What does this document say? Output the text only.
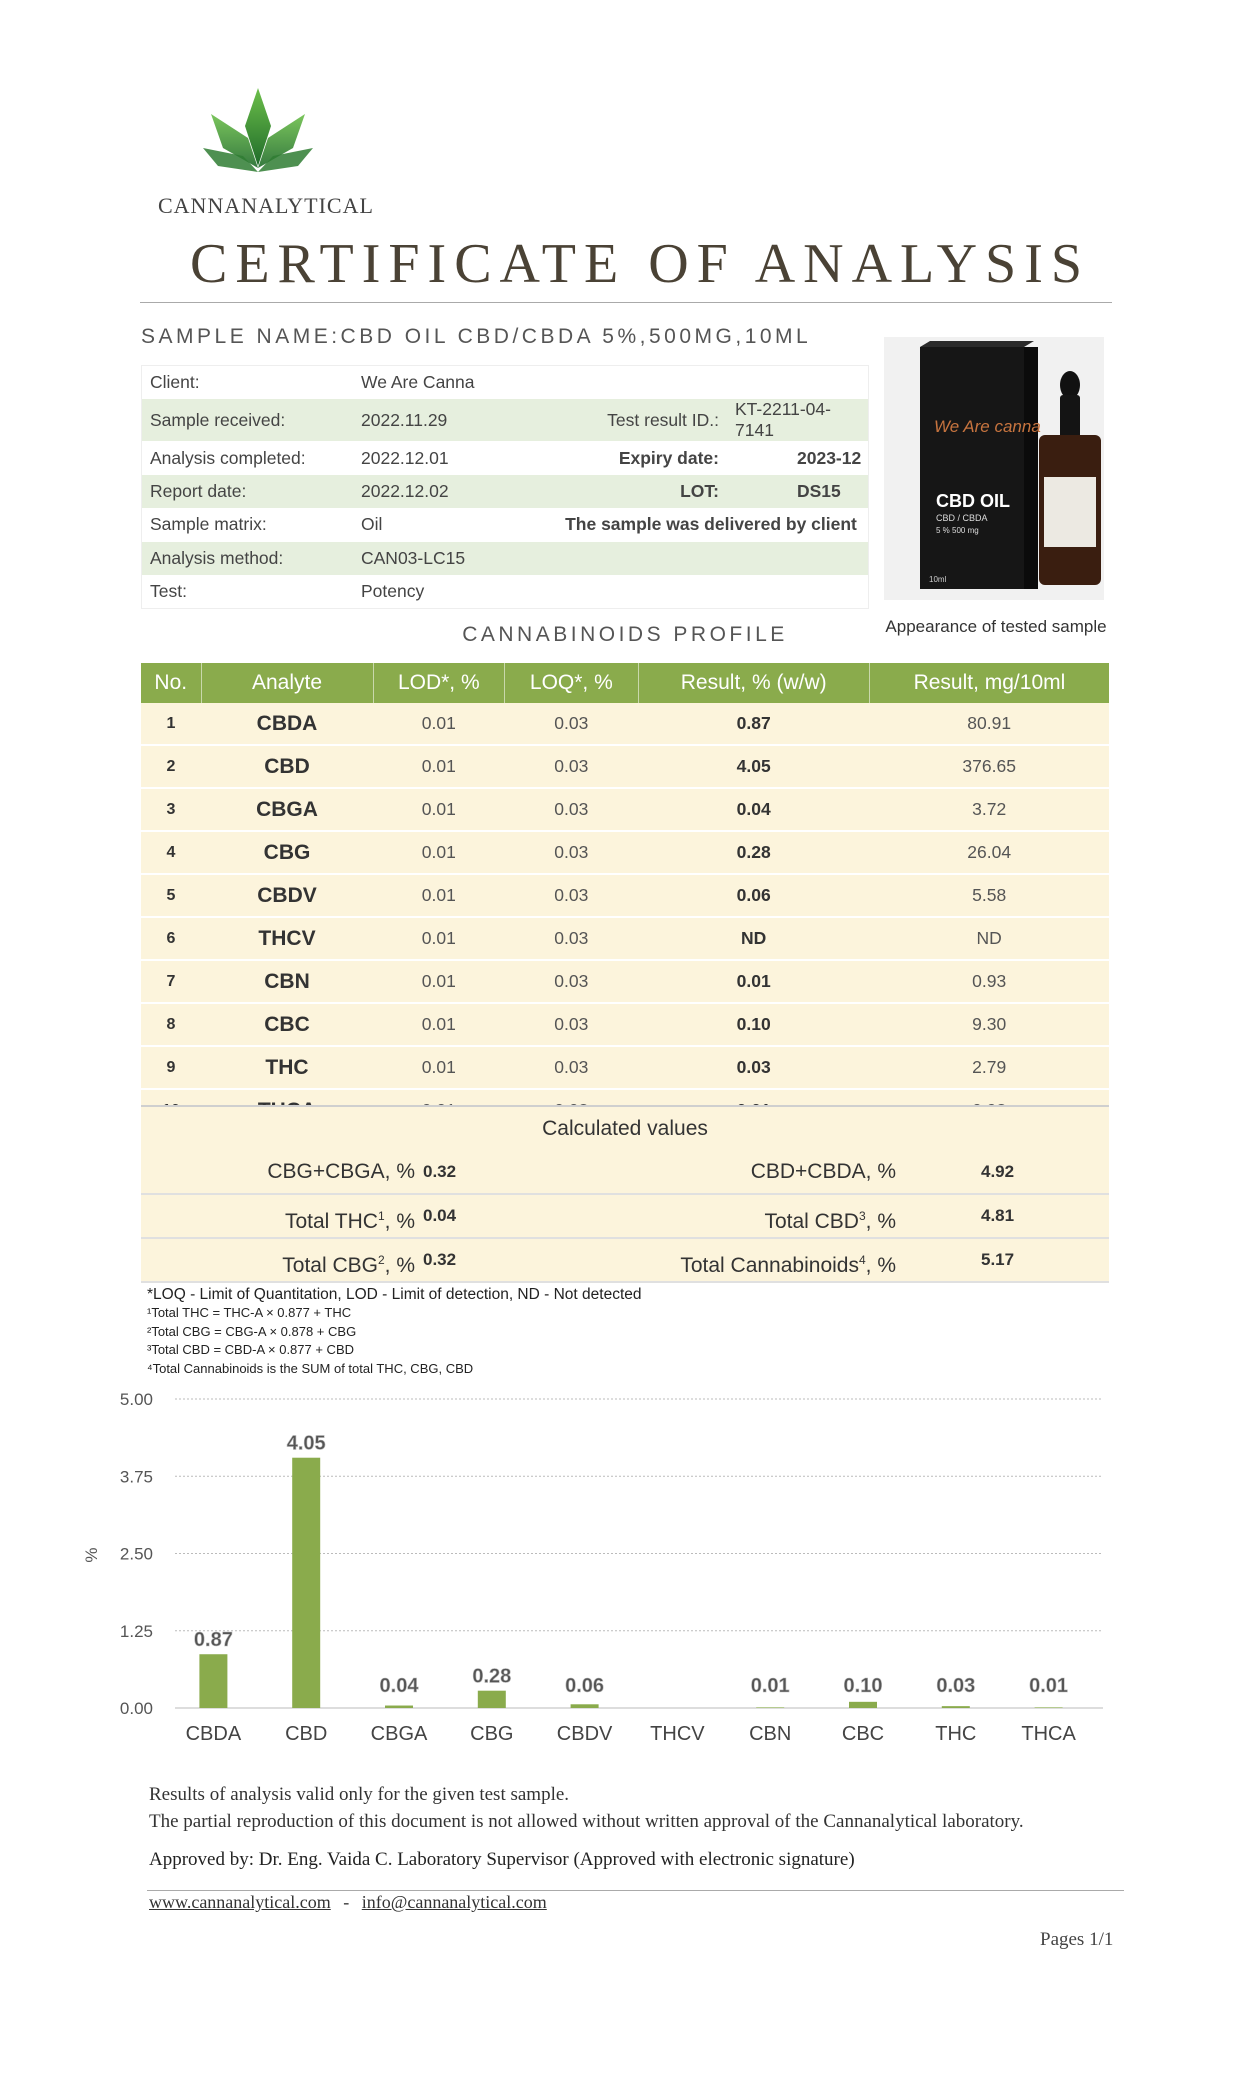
CANNANALYTICAL
CERTIFICATE OF ANALYSIS
SAMPLE NAME:CBD OIL CBD/CBDA 5%,500MG,10ML
Client:	We Are Canna		
Sample received:	2022.11.29	Test result ID.:	KT-2211-04-7141
Analysis completed:	2022.12.01	Expiry date:	2023-12
Report date:	2022.12.02	LOT:	DS15
Sample matrix:	Oil	The sample was delivered by client	
Analysis method:	CAN03-LC15		
Test:	Potency		
We Are canna
CBD OIL
CBD / CBDA
5 % 500 mg
10ml
Appearance of tested sample
CANNABINOIDS PROFILE
No.	Analyte	LOD*, %	LOQ*, %	Result, % (w/w)	Result, mg/10ml
1	CBDA	0.01	0.03	0.87	80.91
2	CBD	0.01	0.03	4.05	376.65
3	CBGA	0.01	0.03	0.04	3.72
4	CBG	0.01	0.03	0.28	26.04
5	CBDV	0.01	0.03	0.06	5.58
6	THCV	0.01	0.03	ND	ND
7	CBN	0.01	0.03	0.01	0.93
8	CBC	0.01	0.03	0.10	9.30
9	THC	0.01	0.03	0.03	2.79

Calculated values
CBG+CBGA, % 0.32	CBD+CBDA, %	4.92
Total THC$^1$, % 0.04	Total CBD$^3$, %	4.81
Total CBG$^2$, % 0.32	Total Cannabinoids$^4$, %	5.17
*LOQ - Limit of Quantitation, LOD - Limit of detection, ND - Not detected
¹Total THC = THC-A × 0.877 + THC
²Total CBG = CBG-A × 0.878 + CBG
³Total CBD = CBD-A × 0.877 + CBD
⁴Total Cannabinoids is the SUM of total THC, CBG, CBD
0.00
1.25
2.50
3.75
5.00
%
0.87
CBDA
4.05
CBD
0.04
CBGA
0.28
CBG
0.06
CBDV THCV
0.01
CBN
0.10
CBC
0.03
THC
0.01
THCA
Results of analysis valid only for the given test sample.
The partial reproduction of this document is not allowed without written approval of the Cannanalytical laboratory.
Approved by: Dr. Eng. Vaida C. Laboratory Supervisor (Approved with electronic signature)
www.cannanalytical.com - info@cannanalytical.com
Pages 1/1
